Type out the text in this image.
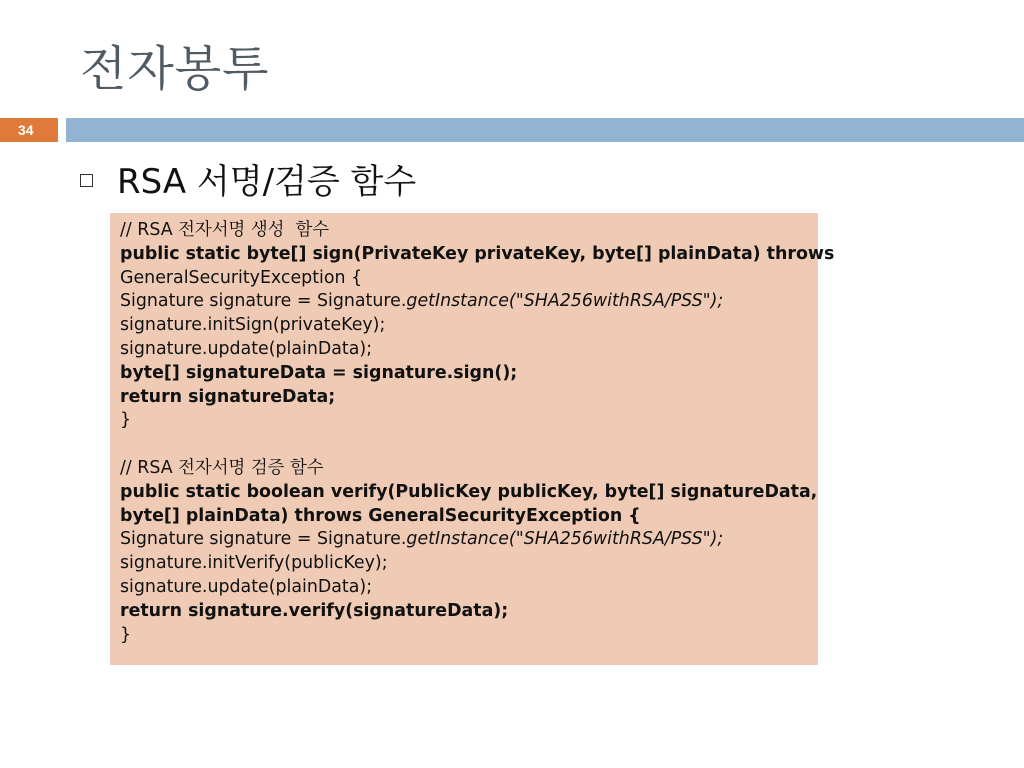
전자봉투
34
RSA 서명/검증 함수
// RSA 전자서명 생성  함수
public static byte[] sign(PrivateKey privateKey, byte[] plainData) throws
GeneralSecurityException {
Signature signature = Signature.getInstance("SHA256withRSA/PSS");
signature.initSign(privateKey);
signature.update(plainData);
byte[] signatureData = signature.sign();
return signatureData;
}
// RSA 전자서명 검증 함수
public static boolean verify(PublicKey publicKey, byte[] signatureData,
byte[] plainData) throws GeneralSecurityException {
Signature signature = Signature.getInstance("SHA256withRSA/PSS");
signature.initVerify(publicKey);
signature.update(plainData);
return signature.verify(signatureData);
}
